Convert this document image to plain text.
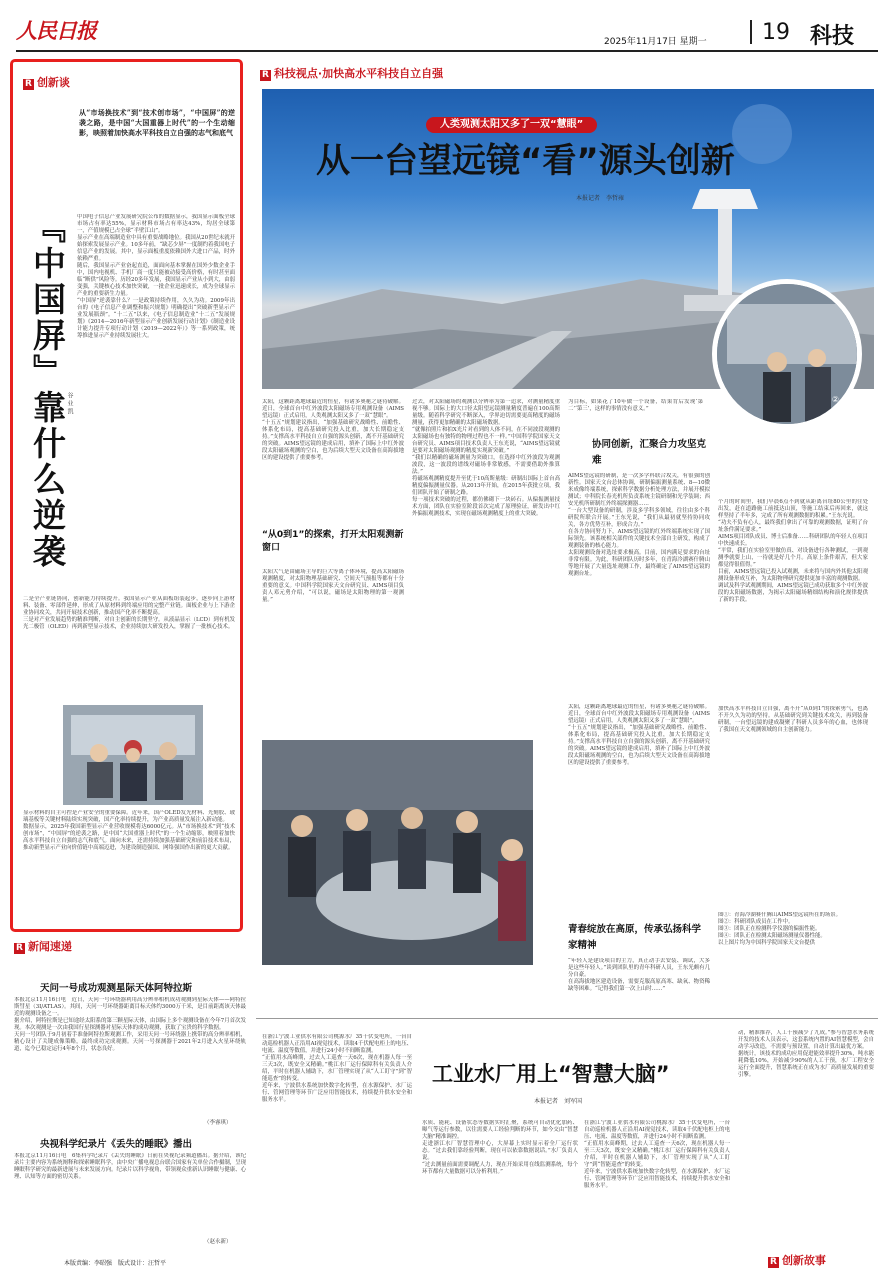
人民日报	2025年11月17日 星期一	19 科技
R 创新谈
从“市场换技术”到“技术创市场”，“中国屏”的逆袭之路，是中国“大国重器上时代”的一个生动缩影，映照着加快高水平科技自立自强的志气和底气
『中国屏』靠什么逆袭 谷业凯
中国电子信息产业发展研究院公布的数据显示，我国显示面板全球市场占有率达55%，显示材料市场占有率达43%，均居全球第一，产值规模已占全球“半壁江山”。
显示产业在高端制造业中具有重要战略地位。我国从20世纪末就开始探索发展显示产业。10多年前，“缺芯少屏”一度制约着我国电子信息产业的发展。其中，显示面板重度依赖国外大进口产品，时外依赖严重。
随后，我国显示产业奋起直追，面面向基本掌握在国外少数企业手中，国内电视机、手机厂商一度只能被动接受高价格，有时甚至面临“断供”风险等。历经20多年发展，我国显示产业从小到大，由弱变强，关键核心技术加快突破，一批企业迅速成长，成为全球显示产业的重要新生力量。
“中国屏”逆袭靠什么？一是政策持续作用，久久为功。2009年出台的《电子信息产业调整和振兴规划》明确提出“突破新型显示产业发展瓶颈”。“十二五”以来，《电子信息制造业“十二五”发展规划》《2014—2016年新型显示产业创新发展行动计划》《制造业设计能力提升专项行动计划（2019—2022年）》等一系列政策，统筹推进显示产业持续发展壮大。
二是全产业链协同，创新能力持续提升。我国显示产业从面板组装起步，逐步向上游材料、装备、零部件延伸，形成了从原材料到终端应用的完整产业链。面板企业与上下游企业协同攻关，共同开展技术创新，推动国产化率不断提高。
三是对产业发展趋势的精准判断，对自主创新的长期坚守。从液晶显示（LCD）到有机发光二极管（OLED）再到新型显示技术，企业持续加大研发投入，掌握了一批核心技术。
显示材料的自主可控是产业安全的重要保障。近年来，国产OLED发光材料、光刻胶、玻璃基板等关键材料陆续实现突破，国产化率持续提升，为产业高质量发展注入新动能。
数据显示，2025年我国新型显示产业营收规模将达6000亿元。从“市场换技术”到“技术创市场”，“中国屏”的逆袭之路，是中国“大国重器上时代”的一个生动缩影，映照着加快高水平科技自立自强的志气和底气。面向未来，还需持续加强基础研究和前沿技术布局，推动新型显示产业向价值链中高端迈进，为建设制造强国、网络强国作出新的更大贡献。
R 新闻速递
天问一号成功观测星际天体阿特拉斯
本报北京11月16日电　近日，天问一号环绕器利用高分辨率相机成功观测到星际天体——阿特拉斯彗星（3I/ATLAS）。其间，天问一号环绕器距离目标天体约3000万千米，是目前距离该天体最近的观测设备之一。
据介绍，阿特拉斯是已知途经太阳系的第三颗星际天体，由国际上多个观测设备在今年7月首次发现。本次观测是一次由我国行星探测器对星际天体的成功观测，获取了宝贵的科学数据。
天问一号团队于9月初着手准备阿特拉斯观测工作，采用天问一号环绕器上携带的高分辨率相机，精心设计了关键成像策略，最终成功完成观测。天问一号探测器于2021年2月进入火星环绕轨道，迄今已稳定运行4年8个月，状态良好。
（李睿琪）
央视科学纪录片《丢失的睡眠》播出
本报北京11月16日电　6集科学纪录片《丢失的睡眠》日前在央视纪录频道播出。据介绍，该纪录片主要内容为系统阐释和探索睡眠科学，由中央广播电视总台联合国家有关单位合作摄制，呈现睡眠科学研究的最新进展与未来发展方向。纪录片以科学视角，带领观众重新认识睡眠与健康、心理、认知等方面的密切关系。
（赵永新）
本版责编：李昭强　版式设计：汪哲平
R 科技视点·加快高水平科技自立自强
人类观测太阳又多了一双“慧眼”
从一台望远镜“看”源头创新
本报记者　李哲雍
②
太阳，这颗距离地球最近的恒星，有诸多奥秘之谜待破解。近日，全球首台中红外波段太阳磁场专用观测设备（AIMS望远镜）正式启用，人类观测太阳又多了一双“慧眼”。
“十五五”规划建议指出，“加强基础研究战略性、前瞻性、体系化布局，提高基础研究投入比重，加大长期稳定支持。”支撑高水平科技自立自强的源头创新，离不开基础研究的突破。AIMS望远镜的建成启用，填补了国际上中红外波段太阳磁场观测的空白，也为后续大型天文设备在高海拔地区的建设提供了重要参考。
“从0到1”的探索，打开太阳观测新窗口
太阳大气是由磁场主导的巨大等离子体环境，提高太阳磁场观测精度，对太阳物理基础研究、空间天气预报等都有十分重要的意义。中国科学院国家天文台研究员、AIMS项目负责人邓元勇介绍，“可以说，磁场是太阳物理的第一观测量。”
过去，对太阳磁场的观测以分辨率为第一追求，对测量精度重视不够。国际上的大口径太阳望远镜测量精度普遍在100高斯量级。随着科学研究不断深入，学界迫切需要更高精度的磁场测量，获得更加精确的太阳磁场数据。
“就像拍照片和拍X光片对看到的人体不同，在不同波段观测的太阳磁场也有独特的物理过程也不一样。”中国科学院国家天文台研究员、AIMS项目技术负责人王东光说，“AIMS望远镜就是要对太阳磁场观测的精度实现新突破。”
“我们以精确的磁场测量为突破口，在选择中红外波段为观测波段，这一波段的谱线对磁场非常敏感，不需要借助外推算法。”
将磁场观测精度提升至优于10高斯量级：研制出国际上首台高精度偏振测量仪器。从2013年开始，在2015年获批立项，我们团队开始了研制之路。
每一项技术突破的过程，都仿佛砌下一块砖石。从偏振测量技术方面，团队在实验室阶段首次完成了原理验证，研发出中红外偏振观测技术，实现在磁场观测精度上的重大突破。
为目标，如果花了10年做一个设备，结果背后发现‘第二’‘第三’，这样的事情没有意义。”
协同创新，汇聚合力攻坚克难
AIMS望远镜的研制，是一次多学科联合攻关，有很强的创新性。国家天文台总体协调，研制偏振测量系统、8—10微米成像终端系统，探索科学数据分析处理方法，并展开模拟测试；中科院长春光机所负责系统主镜研制和光学装调；西安光机所研制红外终端探测器……
“一台大型设备的研制，涉及多学科多领域，往往由多个科研院所联合开展。”王东光说，“我们从最初就坚持协同攻关，各方优势互补，形成合力。”
在各方协同努力下，AIMS望远镜的红外终端系统实现了国际领先。该系统相关部件的关键技术全部自主研发，构成了观测装备的核心能力。
太阳观测设备对选址要求极高。目前，国内满足要求的台址非常有限。为此，科研团队历时多年，在青海冷湖赛什腾山等地开展了大量选址观测工作，最终确定了AIMS望远镜的观测台址。
个月的时间里，我们早晨6点不到就从距离台址80公里的住处出发，赶在道路施工前抵达山顶，等施工结束后再回来，就这样坚持了半年多，完成了所有观测数据的积累。”王东光说。
“功夫不负有心人，最终我们拿出了可靠的观测数据，证明了台址条件满足要求。”
AIMS项目团队成员、博士后准备……科研团队的年轻人在项目中快速成长。
“平常，我们在实验室里做仿真、对设备进行各种测试，一到观测季就要上山，一待就是好几个月。高原上条件艰苦，但大家都觉得很值得。”
目前，AIMS望远镜已投入试观测，未来将与国内外其他太阳观测设备形成互补，为太阳物理研究提供更加丰富的观测数据。
调试及科学试观测期间，AIMS望远镜已成功获取多个中红外波段的太阳磁场数据，为揭示太阳磁场精细结构和演化规律提供了新的手段。
青春绽放在高原，传承弘扬科学家精神
“年轻人是建设项目的主力，真正动手去安装、调试，大多是这些年轻人。”谈到团队里的青年科研人员，王东光颇有几分自豪。
在高海拔地区建造设备，需要克服高原高寒、缺氧、物资稀缺等困难。“记得我们第一次上山时……”
加快高水平科技自立自强，离不开“从0到1”的探索勇气，也离不开久久为功的坚持。从基础研究到关键技术攻关，再到装备研制，一台望远镜的建成凝聚了科研人员多年的心血，也体现了我国在天文观测领域的自主创新能力。
图①：青海冷湖赛什腾山AIMS望远镜所在的场景。
图②：科研团队成员在工作中。
图③：团队正在检测科学仪器的偏振性能。
图④：团队正在检测太阳磁场测量仪器性能。
以上图片均为中国科学院国家天文台提供
太阳，这颗距离地球最近的恒星，有诸多奥秘之谜待破解。近日，全球首台中红外波段太阳磁场专用观测设备（AIMS望远镜）正式启用，人类观测太阳又多了一双“慧眼”。
“十五五”规划建议指出，“加强基础研究战略性、前瞻性、体系化布局，提高基础研究投入比重，加大长期稳定支持。”支撑高水平科技自立自强的源头创新，离不开基础研究的突破。AIMS望远镜的建成启用，填补了国际上中红外波段太阳磁场观测的空白，也为后续大型天文设备在高海拔地区的建设提供了重要参考。
在浙江宁波工业供水有限公司桃源水厂35千伏变电所，一台自动巡检机器人正沿用AI视觉技术，读取4千伏配电柜上的电压、电流、温度等数值，并进行24小时不间断监测。
“正值用水高峰期，过去人工巡查一天6次，现在机器人每一至三天3次，既安全又精确。”桃江水厂运行保障科有关负责人介绍，平时在机器人辅助下，水厂管理实现了从“人工盯守”到“智能巡查”的转变。
近年来，宁波供水系统加快数字化转型，在水源保护、水厂运行、管网管理等环节广泛应用智能技术，持续提升供水安全和服务水平。
工业水厂用上“智慧大脑”
本报记者　刘军国
水质、能耗、设备状态等数据实时汇聚，系统可自动优化加药、曝气等运行参数，以往需要人工经验判断的环节，如今交由“智慧大脑”精准调控。
走进浙江水厂智慧管理中心，大屏幕上实时显示着全厂运行状态。“过去我们靠经验判断，现在可以依靠数据说话。”水厂负责人说。
“过去测量前面需要调配人力，现在开始采用在线监测系统，每个环节都有大量数据可以分析利用。”
在浙江宁波工业供水有限公司桃源水厂35千伏变电所，一台自动巡检机器人正沿用AI视觉技术，读取4千伏配电柜上的电压、电流、温度等数值，并进行24小时不间断监测。
“正值用水高峰期，过去人工巡查一天6次，现在机器人每一至三天3次，既安全又精确。”桃江水厂运行保障科有关负责人介绍，平时在机器人辅助下，水厂管理实现了从“人工盯守”到“智能巡查”的转变。
近年来，宁波供水系统加快数字化转型，在水源保护、水厂运行、管网管理等环节广泛应用智能技术，持续提升供水安全和服务水平。
动，精准推荐，人工干预减少了九成。”参与智慧水务系统开发的技术人员表示，这套系统内置的AI智慧模型，会自动学习改造，不需要与预设置，自动计算出最优方案。
据统计，该技术的成功应用促进能效率提升30%，吨水能耗降低10%，开始减少90%的人工干预，水厂工程安全运行全面提升，智慧系统正在成为水厂高质量发展的重要引擎。
R 创新故事
